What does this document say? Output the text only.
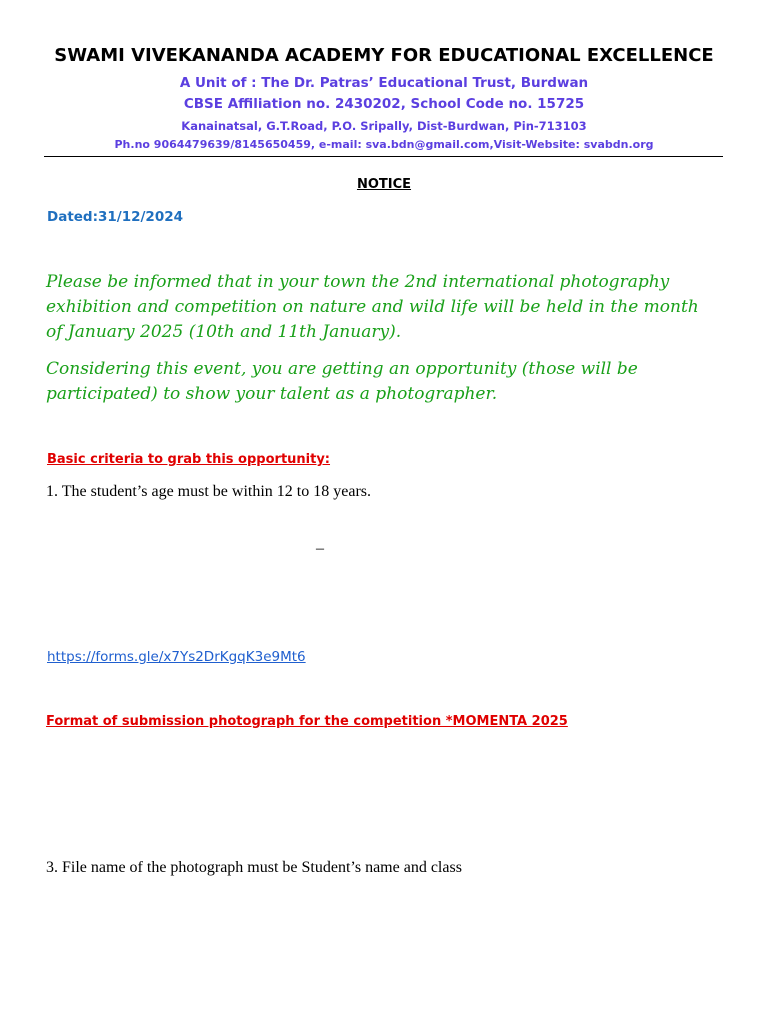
SWAMI VIVEKANANDA ACADEMY FOR EDUCATIONAL EXCELLENCE
A Unit of : The Dr. Patras’ Educational Trust, Burdwan
CBSE Affiliation no. 2430202, School Code no. 15725
Kanainatsal, G.T.Road, P.O. Sripally, Dist-Burdwan, Pin-713103
Ph.no 9064479639/8145650459, e-mail: sva.bdn@gmail.com,Visit-Website: svabdn.org
NOTICE
Dated:31/12/2024
Please be informed that in your town the 2nd international photography
exhibition and competition on nature and wild life will be held in the month
of January 2025 (10th and 11th January).
Considering this event, you are getting an opportunity (those will be
participated) to show your talent as a photographer.
Basic criteria to grab this opportunity:
1. The student’s age must be within 12 to 18 years.
–
https://forms.gle/x7Ys2DrKgqK3e9Mt6
Format of submission photograph for the competition *MOMENTA 2025
3. File name of the photograph must be Student’s name and class
